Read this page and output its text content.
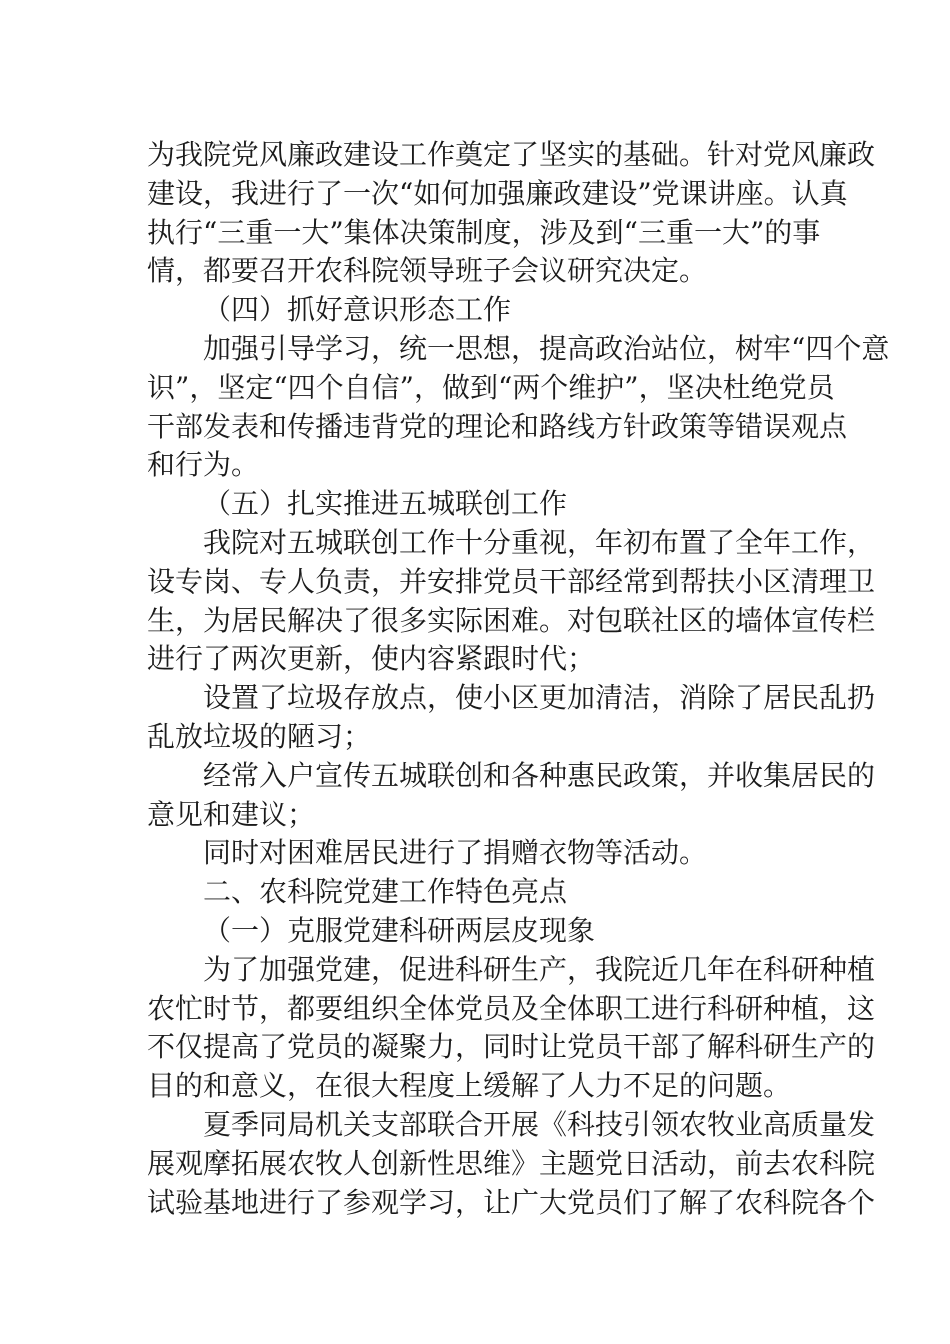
为我院党风廉政建设工作奠定了坚实的基础。针对党风廉政
建设，我进行了一次“如何加强廉政建设”党课讲座。认真
执行“三重一大”集体决策制度，涉及到“三重一大”的事
情，都要召开农科院领导班子会议研究决定。
（四）抓好意识形态工作
加强引导学习，统一思想，提高政治站位，树牢“四个意
识”，坚定“四个自信”，做到“两个维护”，坚决杜绝党员
干部发表和传播违背党的理论和路线方针政策等错误观点
和行为。
（五）扎实推进五城联创工作
我院对五城联创工作十分重视，年初布置了全年工作，
设专岗、专人负责，并安排党员干部经常到帮扶小区清理卫
生，为居民解决了很多实际困难。对包联社区的墙体宣传栏
进行了两次更新，使内容紧跟时代；
设置了垃圾存放点，使小区更加清洁，消除了居民乱扔
乱放垃圾的陋习；
经常入户宣传五城联创和各种惠民政策，并收集居民的
意见和建议；
同时对困难居民进行了捐赠衣物等活动。
二、农科院党建工作特色亮点
（一）克服党建科研两层皮现象
为了加强党建，促进科研生产，我院近几年在科研种植
农忙时节，都要组织全体党员及全体职工进行科研种植，这
不仅提高了党员的凝聚力，同时让党员干部了解科研生产的
目的和意义，在很大程度上缓解了人力不足的问题。
夏季同局机关支部联合开展《科技引领农牧业高质量发
展观摩拓展农牧人创新性思维》主题党日活动，前去农科院
试验基地进行了参观学习，让广大党员们了解了农科院各个
